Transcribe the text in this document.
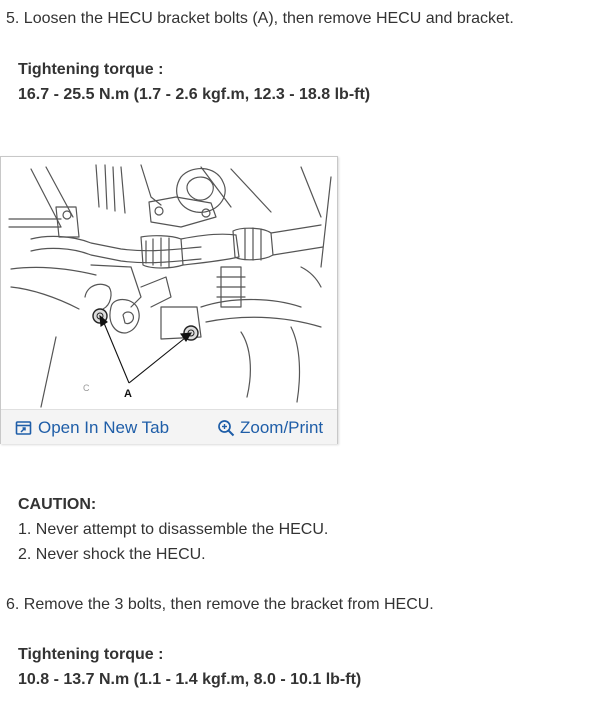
5. Loosen the HECU bracket bolts (A), then remove HECU and bracket.
Tightening torque :
16.7 - 25.5 N.m (1.7 - 2.6 kgf.m, 12.3 - 18.8 lb-ft)
A
C
Open In New Tab	Zoom/Print
CAUTION:
1. Never attempt to disassemble the HECU.
2. Never shock the HECU.
6. Remove the 3 bolts, then remove the bracket from HECU.
Tightening torque :
10.8 - 13.7 N.m (1.1 - 1.4 kgf.m, 8.0 - 10.1 lb-ft)
